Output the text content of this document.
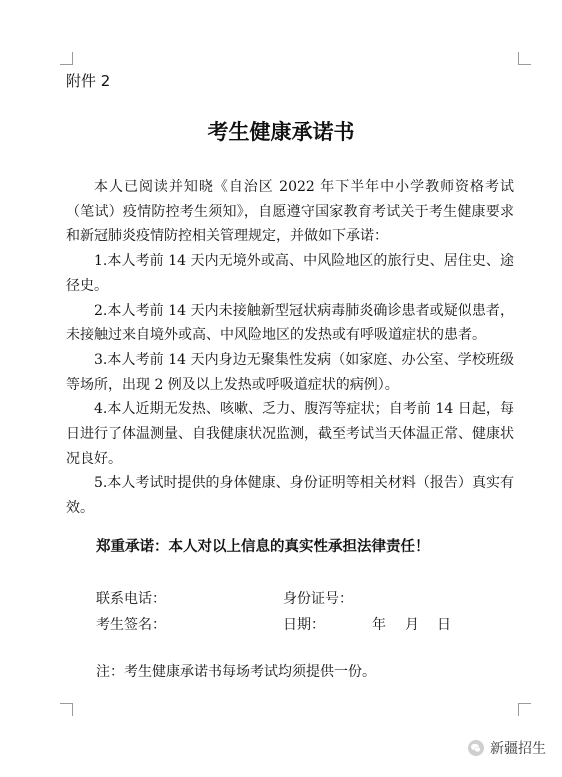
附件 2
考生健康承诺书

本人已阅读并知晓《自治区 2022 年下半年中小学教师资格考试（笔试）疫情防控考生须知》，自愿遵守国家教育考试关于考生健康要求和新冠肺炎疫情防控相关管理规定，并做如下承诺：

1.本人考前 14 天内无境外或高、中风险地区的旅行史、居住史、途径史。

2.本人考前 14 天内未接触新型冠状病毒肺炎确诊患者或疑似患者，未接触过来自境外或高、中风险地区的发热或有呼吸道症状的患者。

3.本人考前 14 天内身边无聚集性发病（如家庭、办公室、学校班级等场所，出现 2 例及以上发热或呼吸道症状的病例）。

4.本人近期无发热、咳嗽、乏力、腹泻等症状；自考前 14 日起，每日进行了体温测量、自我健康状况监测，截至考试当天体温正常、健康状况良好。

5.本人考试时提供的身体健康、身份证明等相关材料（报告）真实有效。

郑重承诺：本人对以上信息的真实性承担法律责任！
联系电话：	身份证号：
考生签名：	日期：	年 月 日
注：考生健康承诺书每场考试均须提供一份。
新疆招生
